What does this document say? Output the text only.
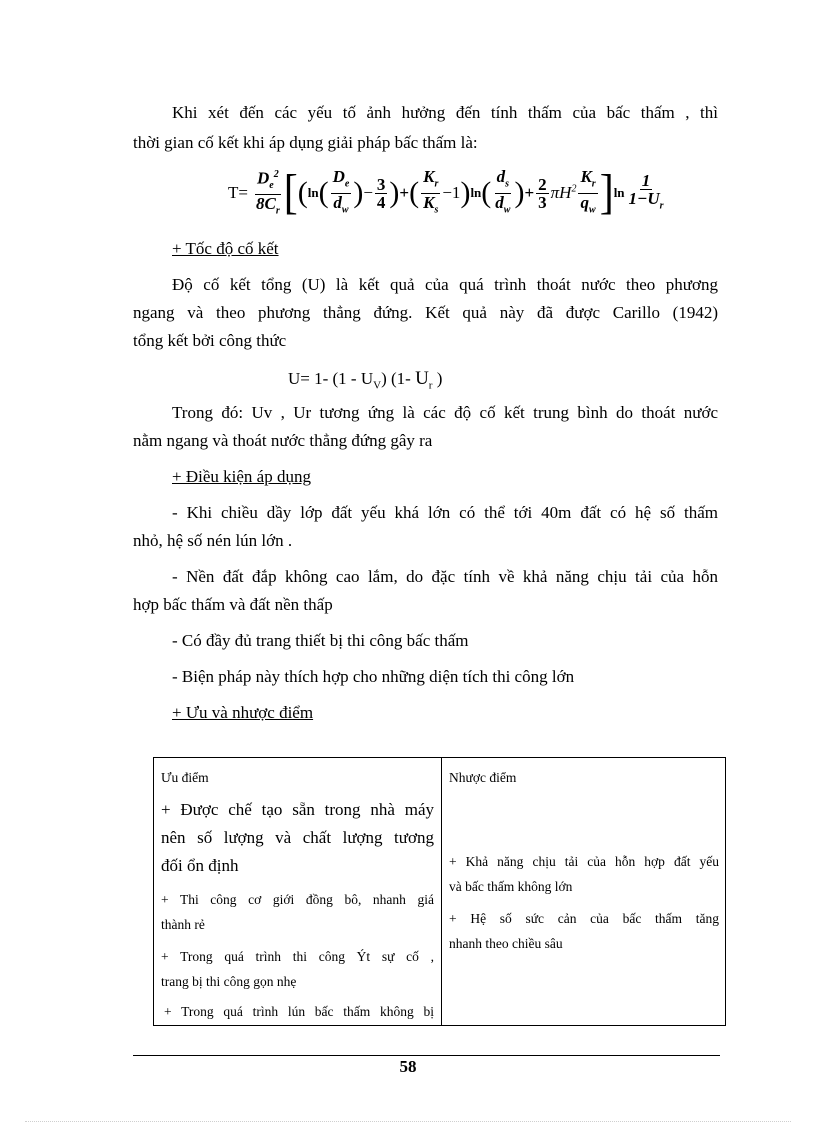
Khi xét đến các yếu tố ảnh hưởng đến tính thấm của bấc thấm , thì
thời gian cố kết khi áp dụng giải pháp bấc thấm là:
$T= \frac{D_e^2}{8C_r}$ [ ( ln ( $\frac{D_e}{d_w}$ ) − $\frac{3}{4}$ ) + ( $\frac{K_r}{K_s} -1$ ) ln ( $\frac{d_s}{d_w}$ ) + $\frac{2}{3} \pi H^2 \frac{K_r}{q_w}$ ] $\ln \frac{1}{1-U_r}$
+ Tốc độ cố kết
Độ cố kết tổng (U) là kết quả của quá trình thoát nước theo phương
ngang và theo phương thẳng đứng. Kết quả này đã được Carillo (1942)
tổng kết bởi công thức
U= 1- $(1 - U_V)$ (1- $U_r$ )
Trong đó: Uv , Ur tương ứng là các độ cố kết trung bình do thoát nước
nằm ngang và thoát nước thẳng đứng gây ra
+ Điều kiện áp dụng
- Khi chiều dầy lớp đất yếu khá lớn có thể tới 40m đất có hệ số thấm
nhỏ, hệ số nén lún lớn .
- Nền đất đắp không cao lắm, do đặc tính về khả năng chịu tải của hỗn
hợp bấc thấm và đất nền thấp
- Có đầy đủ trang thiết bị thi công bấc thấm
- Biện pháp này thích hợp cho những diện tích thi công lớn
+ Ưu và nhược điểm
Ưu điểm	Nhược điểm
+ Được chế tạo sẵn trong nhà máy
nên số lượng và chất lượng tương
đối ổn định
+ Thi công cơ giới đồng bô, nhanh giá
thành rẻ
+ Trong quá trình thi công Ýt sự cố ,
trang bị thi công gọn nhẹ
+ Trong quá trình lún bấc thấm không bị
+ Khả năng chịu tải của hỗn hợp đất yếu
và bấc thấm không lớn
+ Hệ số sức cản của bấc thấm tăng
nhanh theo chiều sâu
58
